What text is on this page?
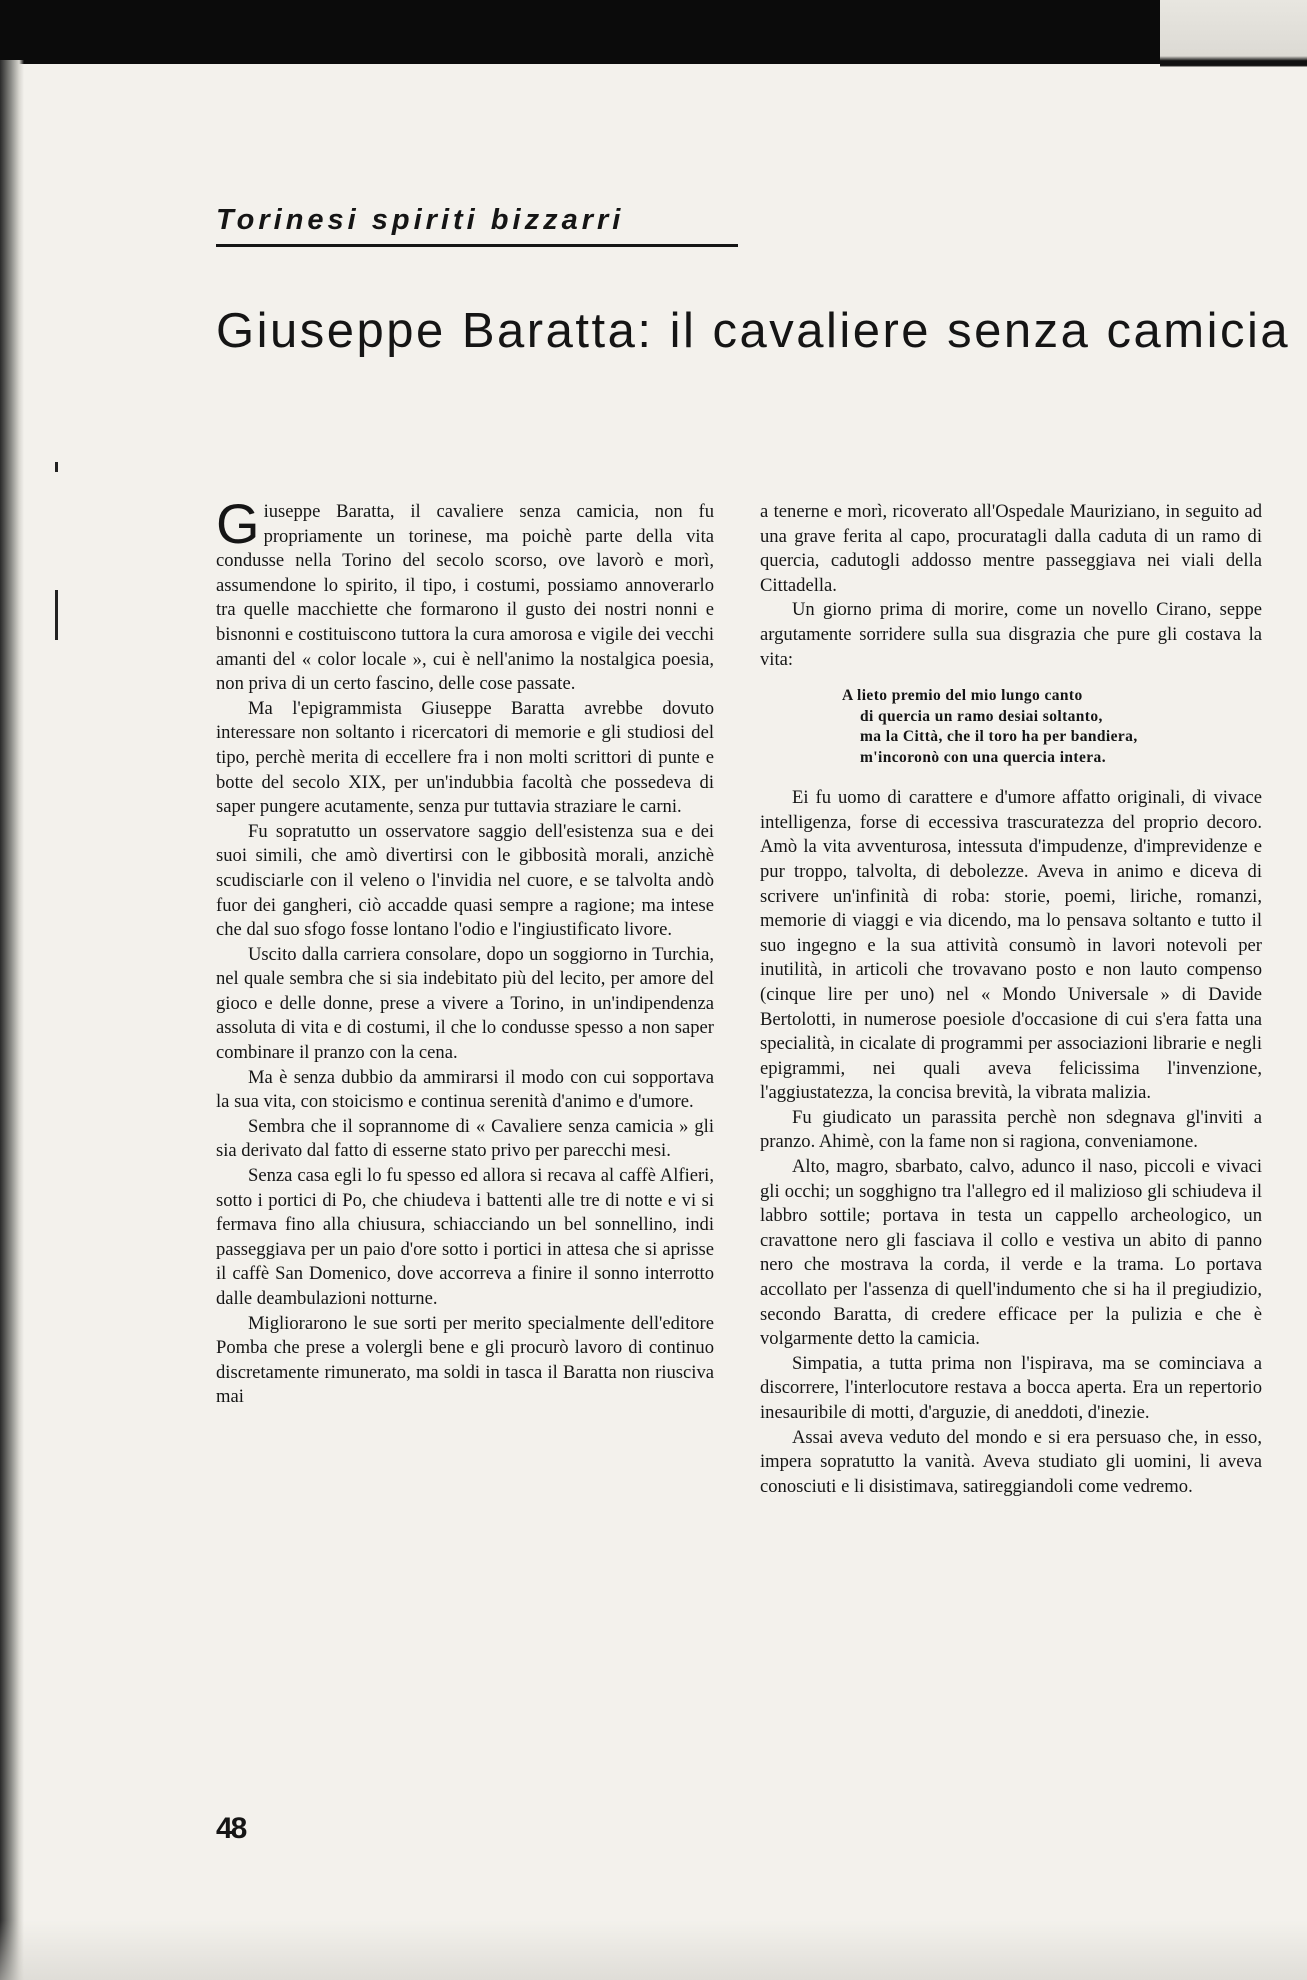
Torinesi spiriti bizzarri
Giuseppe Baratta: il cavaliere senza camicia

Giuseppe Baratta, il cavaliere senza camicia, non fu propriamente un torinese, ma poichè parte della vita condusse nella Torino del secolo scorso, ove lavorò e morì, assumendone lo spirito, il tipo, i costumi, possiamo annoverarlo tra quelle macchiette che formarono il gusto dei nostri nonni e bisnonni e costituiscono tuttora la cura amorosa e vigile dei vecchi amanti del « color locale », cui è nell'animo la nostalgica poesia, non priva di un certo fascino, delle cose passate.

Ma l'epigrammista Giuseppe Baratta avrebbe dovuto interessare non soltanto i ricercatori di memorie e gli studiosi del tipo, perchè merita di eccellere fra i non molti scrittori di punte e botte del secolo XIX, per un'indubbia facoltà che possedeva di saper pungere acutamente, senza pur tuttavia straziare le carni.

Fu sopratutto un osservatore saggio dell'esistenza sua e dei suoi simili, che amò divertirsi con le gibbosità morali, anzichè scudisciarle con il veleno o l'invidia nel cuore, e se talvolta andò fuor dei gangheri, ciò accadde quasi sempre a ragione; ma intese che dal suo sfogo fosse lontano l'odio e l'ingiustificato livore.

Uscito dalla carriera consolare, dopo un soggiorno in Turchia, nel quale sembra che si sia indebitato più del lecito, per amore del gioco e delle donne, prese a vivere a Torino, in un'indipendenza assoluta di vita e di costumi, il che lo condusse spesso a non saper combinare il pranzo con la cena.

Ma è senza dubbio da ammirarsi il modo con cui sopportava la sua vita, con stoicismo e continua serenità d'animo e d'umore.

Sembra che il soprannome di « Cavaliere senza camicia » gli sia derivato dal fatto di esserne stato privo per parecchi mesi.

Senza casa egli lo fu spesso ed allora si recava al caffè Alfieri, sotto i portici di Po, che chiudeva i battenti alle tre di notte e vi si fermava fino alla chiusura, schiacciando un bel sonnellino, indi passeggiava per un paio d'ore sotto i portici in attesa che si aprisse il caffè San Domenico, dove accorreva a finire il sonno interrotto dalle deambulazioni notturne.

Migliorarono le sue sorti per merito specialmente dell'editore Pomba che prese a volergli bene e gli procurò lavoro di continuo discretamente rimunerato, ma soldi in tasca il Baratta non riusciva mai

a tenerne e morì, ricoverato all'Ospedale Mauriziano, in seguito ad una grave ferita al capo, procuratagli dalla caduta di un ramo di quercia, cadutogli addosso mentre passeggiava nei viali della Cittadella.

Un giorno prima di morire, come un novello Cirano, seppe argutamente sorridere sulla sua disgrazia che pure gli costava la vita:

A lieto premio del mio lungo canto
di quercia un ramo desiai soltanto,
ma la Città, che il toro ha per bandiera,
m'incoronò con una quercia intera.

Ei fu uomo di carattere e d'umore affatto originali, di vivace intelligenza, forse di eccessiva trascuratezza del proprio decoro. Amò la vita avventurosa, intessuta d'impudenze, d'imprevidenze e pur troppo, talvolta, di debolezze. Aveva in animo e diceva di scrivere un'infinità di roba: storie, poemi, liriche, romanzi, memorie di viaggi e via dicendo, ma lo pensava soltanto e tutto il suo ingegno e la sua attività consumò in lavori notevoli per inutilità, in articoli che trovavano posto e non lauto compenso (cinque lire per uno) nel « Mondo Universale » di Davide Bertolotti, in numerose poesiole d'occasione di cui s'era fatta una specialità, in cicalate di programmi per associazioni librarie e negli epigrammi, nei quali aveva felicissima l'invenzione, l'aggiustatezza, la concisa brevità, la vibrata malizia.

Fu giudicato un parassita perchè non sdegnava gl'inviti a pranzo. Ahimè, con la fame non si ragiona, conveniamone.

Alto, magro, sbarbato, calvo, adunco il naso, piccoli e vivaci gli occhi; un sogghigno tra l'allegro ed il malizioso gli schiudeva il labbro sottile; portava in testa un cappello archeologico, un cravattone nero gli fasciava il collo e vestiva un abito di panno nero che mostrava la corda, il verde e la trama. Lo portava accollato per l'assenza di quell'indumento che si ha il pregiudizio, secondo Baratta, di credere efficace per la pulizia e che è volgarmente detto la camicia.

Simpatia, a tutta prima non l'ispirava, ma se cominciava a discorrere, l'interlocutore restava a bocca aperta. Era un repertorio inesauribile di motti, d'arguzie, di aneddoti, d'inezie.

Assai aveva veduto del mondo e si era persuaso che, in esso, impera sopratutto la vanità. Aveva studiato gli uomini, li aveva conosciuti e li disistimava, satireggiandoli come vedremo.

48
